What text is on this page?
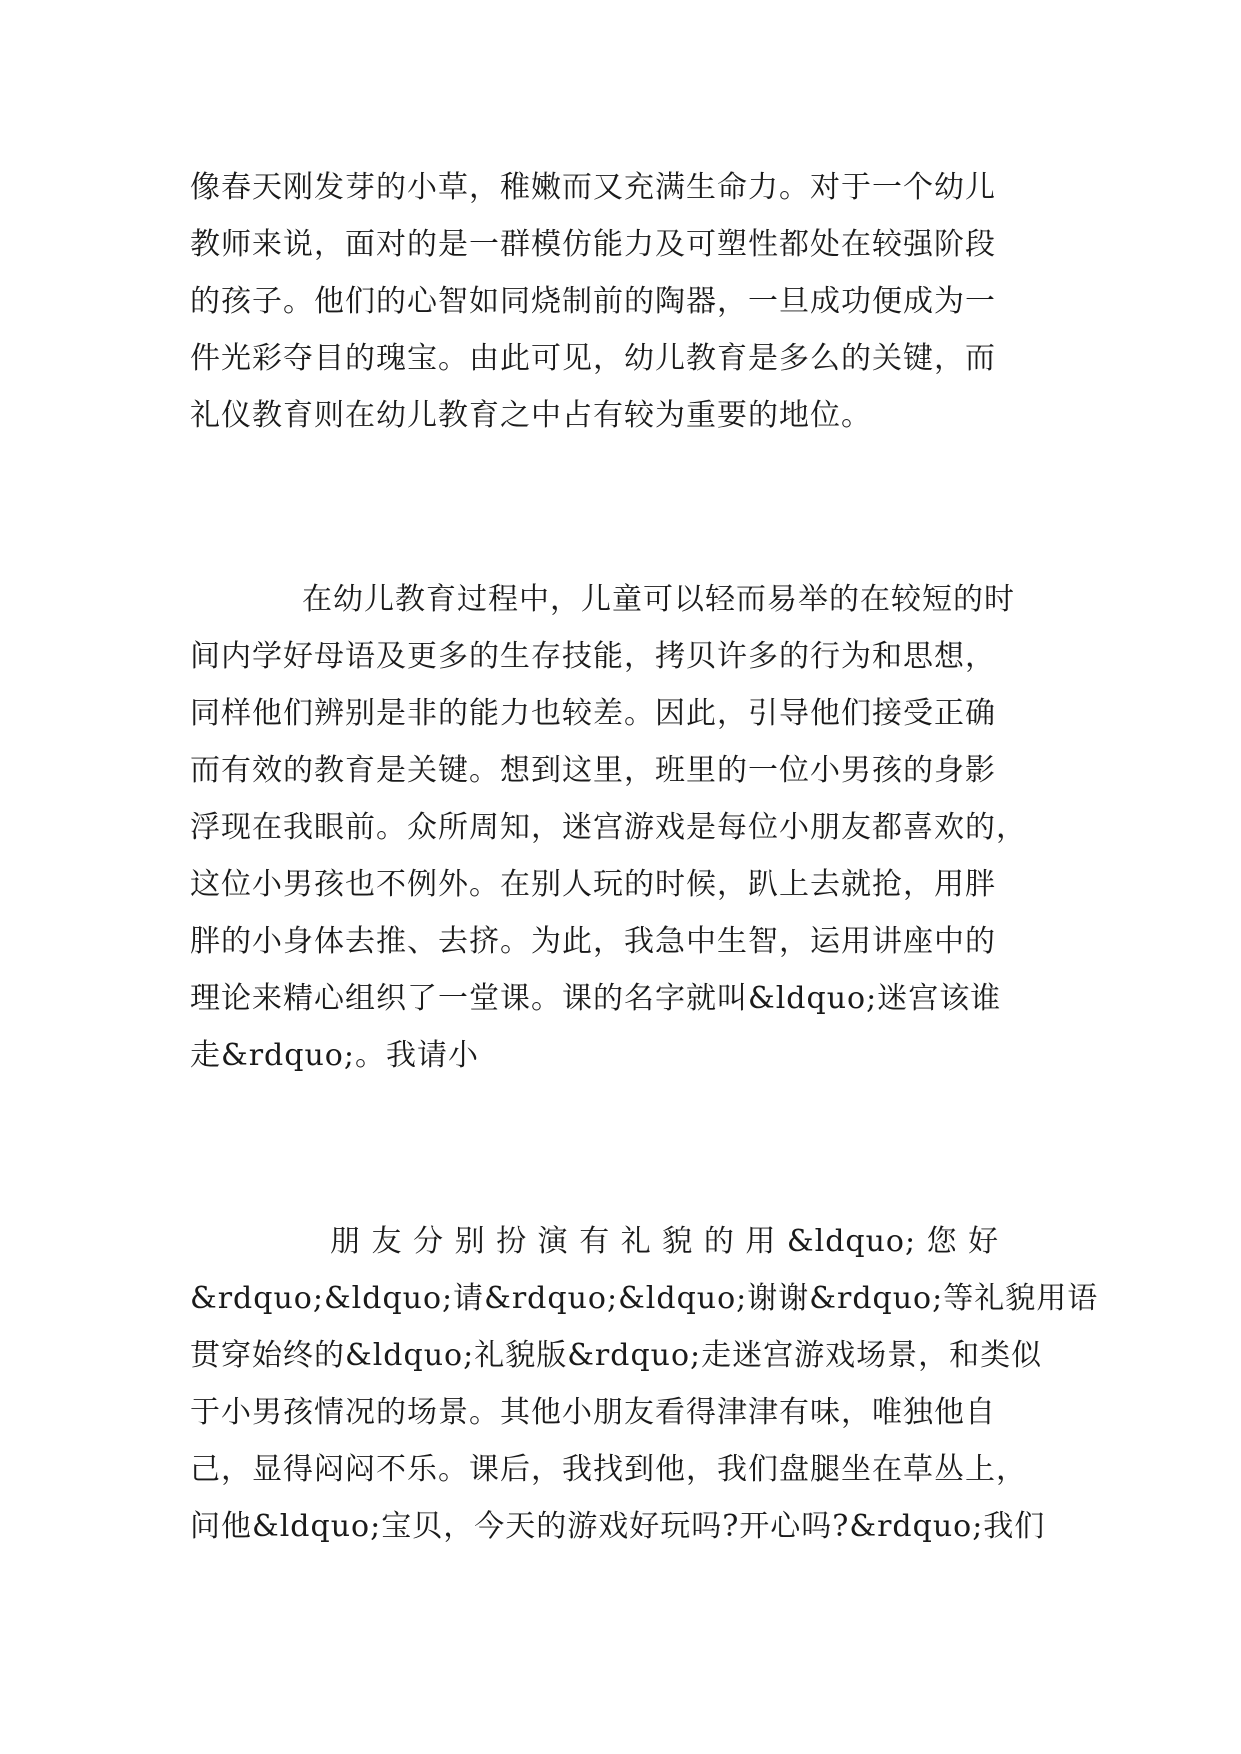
像春天刚发芽的小草，稚嫩而又充满生命力。对于一个幼儿
教师来说，面对的是一群模仿能力及可塑性都处在较强阶段
的孩子。他们的心智如同烧制前的陶器，一旦成功便成为一
件光彩夺目的瑰宝。由此可见，幼儿教育是多么的关键，而
礼仪教育则在幼儿教育之中占有较为重要的地位。

在幼儿教育过程中，儿童可以轻而易举的在较短的时
间内学好母语及更多的生存技能，拷贝许多的行为和思想，
同样他们辨别是非的能力也较差。因此，引导他们接受正确
而有效的教育是关键。想到这里，班里的一位小男孩的身影
浮现在我眼前。众所周知，迷宫游戏是每位小朋友都喜欢的，
这位小男孩也不例外。在别人玩的时候，趴上去就抢，用胖
胖的小身体去推、去挤。为此，我急中生智，运用讲座中的
理论来精心组织了一堂课。课的名字就叫&ldquo;迷宫该谁
走&rdquo;。我请小

朋 友 分 别 扮 演 有 礼 貌 的 用 &ldquo; 您 好
&rdquo;&ldquo;请&rdquo;&ldquo;谢谢&rdquo;等礼貌用语
贯穿始终的&ldquo;礼貌版&rdquo;走迷宫游戏场景，和类似
于小男孩情况的场景。其他小朋友看得津津有味，唯独他自
己，显得闷闷不乐。课后，我找到他，我们盘腿坐在草丛上，
问他&ldquo;宝贝，今天的游戏好玩吗?开心吗?&rdquo;我们
